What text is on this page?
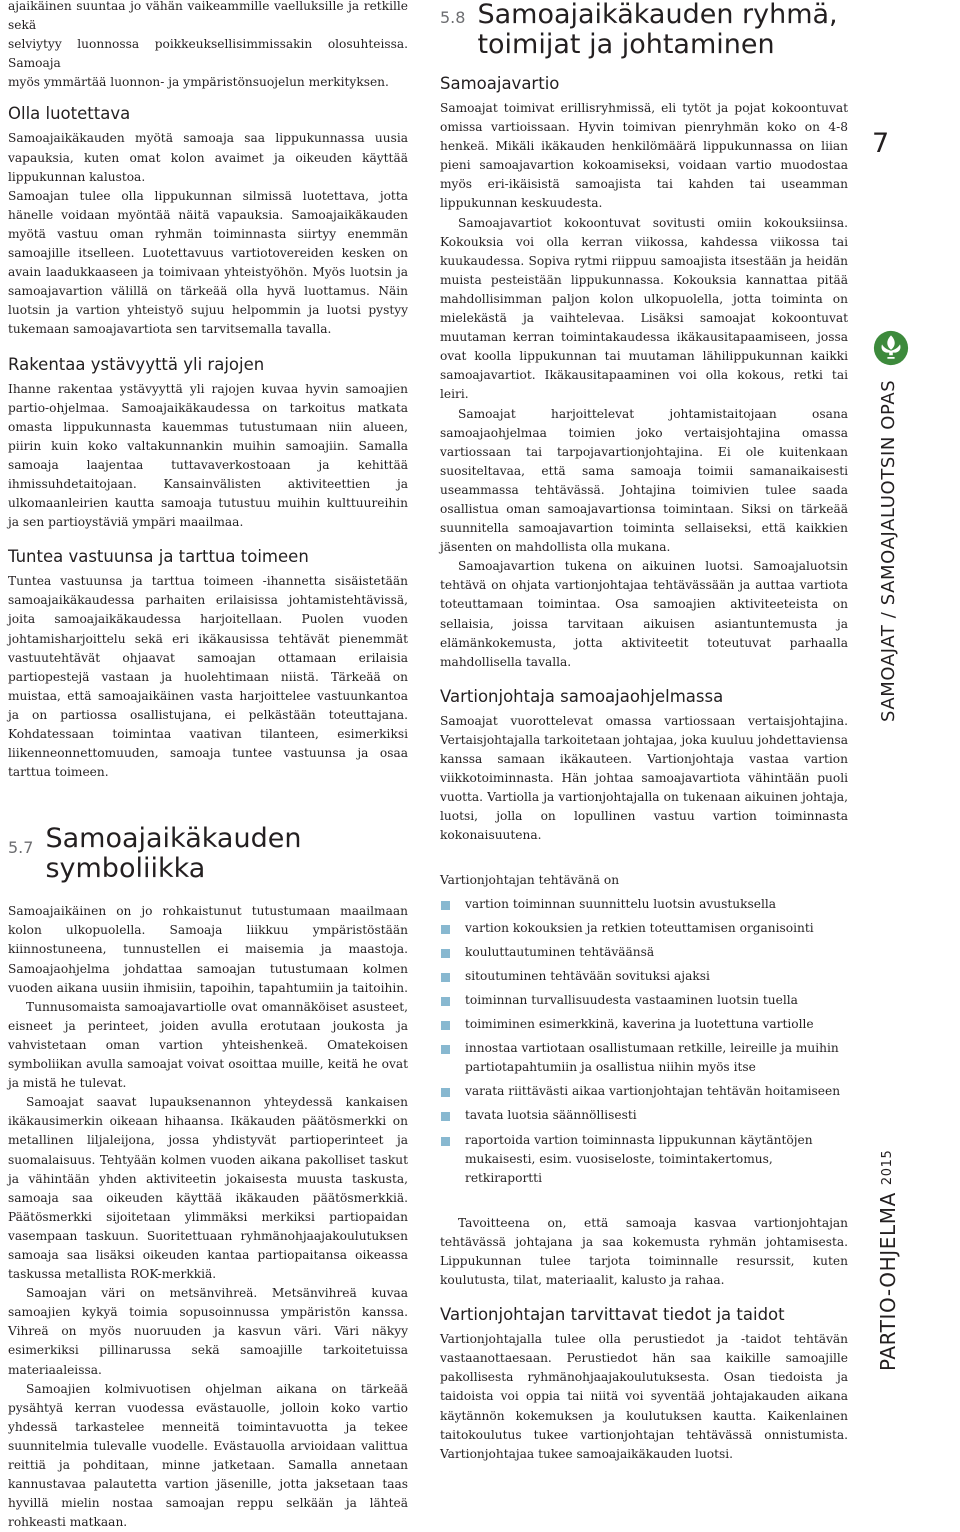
ajaikäinen suuntaa jo vähän vaikeammille vaelluksille ja retkille sekä

selviytyy luonnossa poikkeuksellisimmissakin olosuhteissa. Samoaja

myös ymmärtää luonnon- ja ympäristönsuojelun merkityksen.

Olla luotettava

Samoajaikäkauden myötä samoaja saa lippukunnassa uusia vapauksia, kuten omat kolon avaimet ja oikeuden käyttää lippukunnan kalustoa.

Samoajan tulee olla lippukunnan silmissä luotettava, jotta hänelle voidaan myöntää näitä vapauksia. Samoajaikäkauden myötä vastuu oman ryhmän toiminnasta siirtyy enemmän samoajille itselleen. Luotettavuus vartiotovereiden kesken on avain laadukkaaseen ja toimivaan yhteistyöhön. Myös luotsin ja samoajavartion välillä on tärkeää olla hyvä luottamus. Näin luotsin ja vartion yhteistyö sujuu helpommin ja luotsi pystyy tukemaan samoajavartiota sen tarvitsemalla tavalla.

Rakentaa ystävyyttä yli rajojen

Ihanne rakentaa ystävyyttä yli rajojen kuvaa hyvin samoajien partio-ohjelmaa. Samoajaikäkaudessa on tarkoitus matkata omasta lippukunnasta kauemmas tutustumaan niin alueen, piirin kuin koko valtakunnankin muihin samoajiin. Samalla samoaja laajentaa tuttavaverkostoaan ja kehittää ihmissuhdetaitojaan. Kansainvälisten aktiviteettien ja ulkomaanleirien kautta samoaja tutustuu muihin kulttuureihin ja sen partioystäviä ympäri maailmaa.

Tuntea vastuunsa ja tarttua toimeen

Tuntea vastuunsa ja tarttua toimeen -ihannetta sisäistetään samoajaikäkaudessa parhaiten erilaisissa johtamistehtävissä, joita samoajaikäkaudessa harjoitellaan. Puolen vuoden johtamisharjoittelu sekä eri ikäkausissa tehtävät pienemmät vastuutehtävät ohjaavat samoajan ottamaan erilaisia partiopestejä vastaan ja huolehtimaan niistä. Tärkeää on muistaa, että samoajaikäinen vasta harjoittelee vastuunkantoa ja on partiossa osallistujana, ei pelkästään toteuttajana. Kohdatessaan toimintaa vaativan tilanteen, esimerkiksi liikenneonnettomuuden, samoaja tuntee vastuunsa ja osaa tarttua toimeen.

5.7 Samoajaikäkauden
symboliikka

Samoajaikäinen on jo rohkaistunut tutustumaan maailmaan kolon ulkopuolella. Samoaja liikkuu ympäristöstään kiinnostuneena, tunnustellen ei maisemia ja maastoja. Samoajaohjelma johdattaa samoajan tutustumaan kolmen vuoden aikana uusiin ihmisiin, tapoihin, tapahtumiin ja taitoihin.

Tunnusomaista samoajavartiolle ovat omannäköiset asusteet, eisneet ja perinteet, joiden avulla erotutaan joukosta ja vahvistetaan oman vartion yhteishenkeä. Omatekoisen symboliikan avulla samoajat voivat osoittaa muille, keitä he ovat ja mistä he tulevat.

Samoajat saavat lupauksenannon yhteydessä kankaisen ikäkausimerkin oikeaan hihaansa. Ikäkauden päätösmerkki on metallinen liljaleijona, jossa yhdistyvät partioperinteet ja suomalaisuus. Tehtyään kolmen vuoden aikana pakolliset taskut ja vähintään yhden aktiviteetin jokaisesta muusta taskusta, samoaja saa oikeuden käyttää ikäkauden päätösmerkkiä. Päätösmerkki sijoitetaan ylimmäksi merkiksi partiopaidan vasempaan taskuun. Suoritettuaan ryhmänohjaajakoulutuksen samoaja saa lisäksi oikeuden kantaa partiopaitansa oikeassa taskussa metallista ROK-merkkiä.

Samoajan väri on metsänvihreä. Metsänvihreä kuvaa samoajien kykyä toimia sopusoinnussa ympäristön kanssa. Vihreä on myös nuoruuden ja kasvun väri. Väri näkyy esimerkiksi pillinarussa sekä samoajille tarkoitetuissa materiaaleissa.

Samoajien kolmivuotisen ohjelman aikana on tärkeää pysähtyä kerran vuodessa evästauolle, jolloin koko vartio yhdessä tarkastelee menneitä toimintavuotta ja tekee suunnitelmia tulevalle vuodelle. Evästauolla arvioidaan valittua reittiä ja pohditaan, minne jatketaan. Samalla annetaan kannustavaa palautetta vartion jäsenille, jotta jaksetaan taas hyvillä mielin nostaa samoajan reppu selkään ja lähteä rohkeasti matkaan.

5.8 Samoajaikäkauden ryhmä,
toimijat ja johtaminen
Samoajavartio

Samoajat toimivat erillisryhmissä, eli tytöt ja pojat kokoontuvat omissa vartioissaan. Hyvin toimivan pienryhmän koko on 4-8 henkeä. Mikäli ikäkauden henkilömäärä lippukunnassa on liian pieni samoajavartion kokoamiseksi, voidaan vartio muodostaa myös eri-ikäisistä samoajista tai kahden tai useamman lippukunnan keskuudesta.

Samoajavartiot kokoontuvat sovitusti omiin kokouksiinsa. Kokouksia voi olla kerran viikossa, kahdessa viikossa tai kuukaudessa. Sopiva rytmi riippuu samoajista itsestään ja heidän muista pesteistään lippukunnassa. Kokouksia kannattaa pitää mahdollisimman paljon kolon ulkopuolella, jotta toiminta on mielekästä ja vaihtelevaa. Lisäksi samoajat kokoontuvat muutaman kerran toimintakaudessa ikäkausitapaamiseen, jossa ovat koolla lippukunnan tai muutaman lähilippukunnan kaikki samoajavartiot. Ikäkausitapaaminen voi olla kokous, retki tai leiri.

Samoajat harjoittelevat johtamistaitojaan osana samoajaohjelmaa toimien joko vertaisjohtajina omassa vartiossaan tai tarpojavartionjohtajina. Ei ole kuitenkaan suositeltavaa, että sama samoaja toimii samanaikaisesti useammassa tehtävässä. Johtajina toimivien tulee saada osallistua oman samoajavartionsa toimintaan. Siksi on tärkeää suunnitella samoajavartion toiminta sellaiseksi, että kaikkien jäsenten on mahdollista olla mukana.

Samoajavartion tukena on aikuinen luotsi. Samoajaluotsin tehtävä on ohjata vartionjohtajaa tehtävässään ja auttaa vartiota toteuttamaan toimintaa. Osa samoajien aktiviteeteista on sellaisia, joissa tarvitaan aikuisen asiantuntemusta ja elämänkokemusta, jotta aktiviteetit toteutuvat parhaalla mahdollisella tavalla.

Vartionjohtaja samoajaohjelmassa

Samoajat vuorottelevat omassa vartiossaan vertaisjohtajina. Vertaisjohtajalla tarkoitetaan johtajaa, joka kuuluu johdettaviensa kanssa samaan ikäkauteen. Vartionjohtaja vastaa vartion viikkotoiminnasta. Hän johtaa samoajavartiota vähintään puoli vuotta. Vartiolla ja vartionjohtajalla on tukenaan aikuinen johtaja, luotsi, jolla on lopullinen vastuu vartion toiminnasta kokonaisuutena.

Vartionjohtajan tehtävänä on

vartion toiminnan suunnittelu luotsin avustuksella
vartion kokouksien ja retkien toteuttamisen organisointi
kouluttautuminen tehtäväänsä
sitoutuminen tehtävään sovituksi ajaksi
toiminnan turvallisuudesta vastaaminen luotsin tuella
toimiminen esimerkkinä, kaverina ja luotettuna vartiolle
innostaa vartiotaan osallistumaan retkille, leireille ja muihin partiotapahtumiin ja osallistua niihin myös itse
varata riittävästi aikaa vartionjohtajan tehtävän hoitamiseen
tavata luotsia säännöllisesti
raportoida vartion toiminnasta lippukunnan käytäntöjen mukaisesti, esim. vuosiseloste, toimintakertomus, retkiraportti

Tavoitteena on, että samoaja kasvaa vartionjohtajan tehtävässä johtajana ja saa kokemusta ryhmän johtamisesta. Lippukunnan tulee tarjota toiminnalle resurssit, kuten koulutusta, tilat, materiaalit, kalusto ja rahaa.

Vartionjohtajan tarvittavat tiedot ja taidot

Vartionjohtajalla tulee olla perustiedot ja -taidot tehtävän vastaanottaesaan. Perustiedot hän saa kaikille samoajille pakollisesta ryhmänohjaajakoulutuksesta. Osan tiedoista ja taidoista voi oppia tai niitä voi syventää johtajakauden aikana käytännön kokemuksen ja koulutuksen kautta. Kaikenlainen taitokoulutus tukee vartionjohtajan tehtävässä onnistumista. Vartionjohtajaa tukee samoajaikäkauden luotsi.

7
SAMOAJAT / SAMOAJALUOTSIN OPAS
PARTIO-OHJELMA 2015
